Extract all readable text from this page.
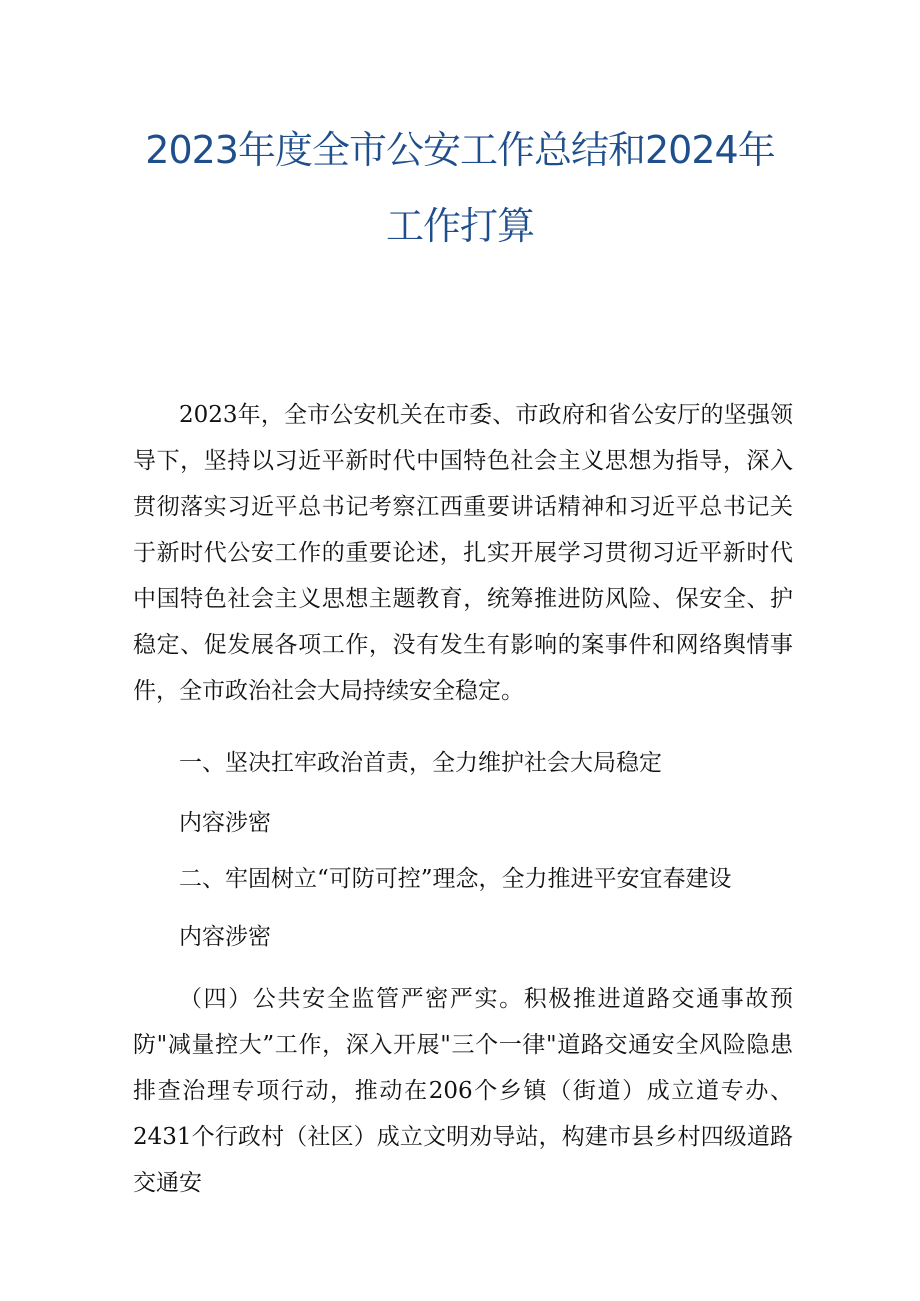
2023年度全市公安工作总结和2024年
工作打算
2023年，全市公安机关在市委、市政府和省公安厅的坚强领导下，坚持以习近平新时代中国特色社会主义思想为指导，深入贯彻落实习近平总书记考察江西重要讲话精神和习近平总书记关于新时代公安工作的重要论述，扎实开展学习贯彻习近平新时代中国特色社会主义思想主题教育，统筹推进防风险、保安全、护稳定、促发展各项工作，没有发生有影响的案事件和网络舆情事件，全市政治社会大局持续安全稳定。
一、坚决扛牢政治首责，全力维护社会大局稳定
内容涉密
二、牢固树立“可防可控”理念，全力推进平安宜春建设
内容涉密
（四）公共安全监管严密严实。积极推进道路交通事故预防"减量控大”工作，深入开展"三个一律"道路交通安全风险隐患排查治理专项行动，推动在206个乡镇（街道）成立道专办、2431个行政村（社区）成立文明劝导站，构建市县乡村四级道路交通安
